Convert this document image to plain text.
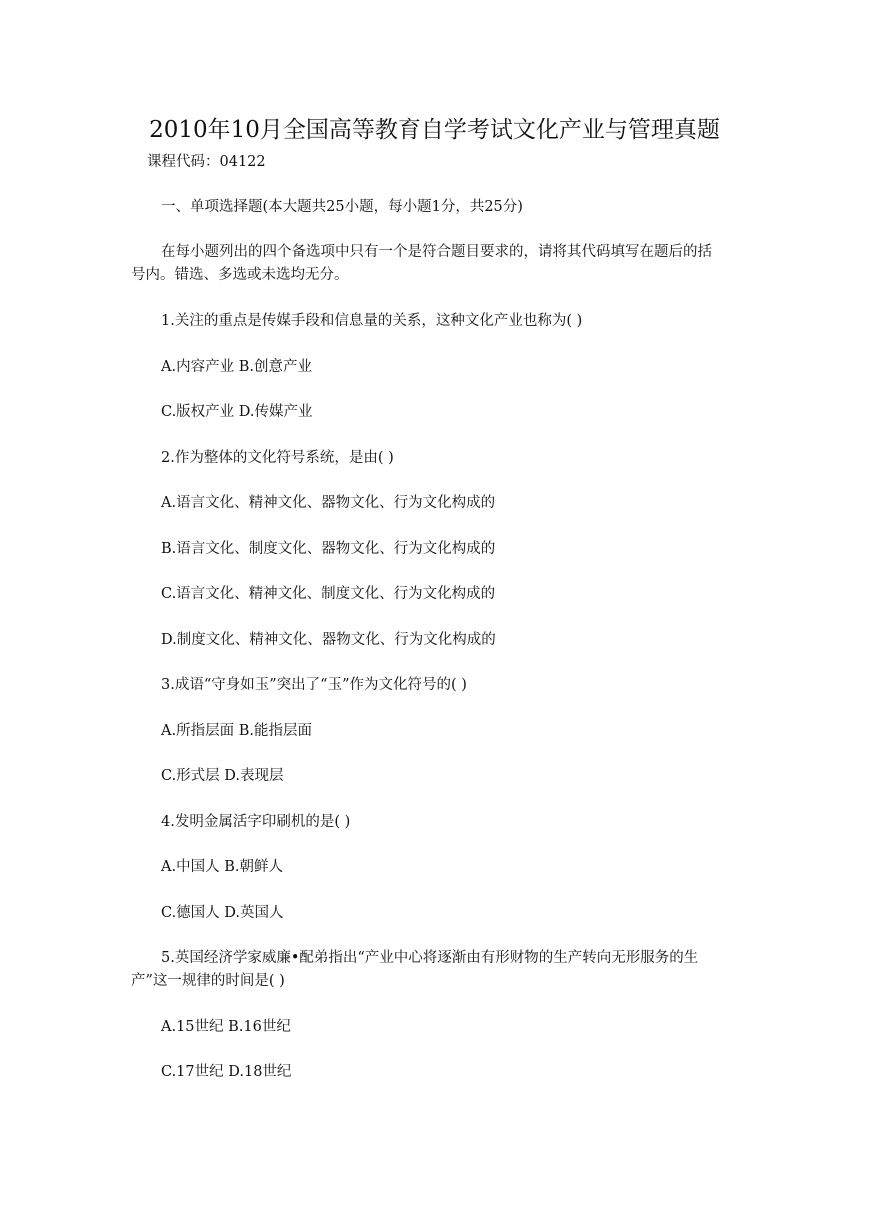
2010年10月全国高等教育自学考试文化产业与管理真题
课程代码：04122
一、单项选择题(本大题共25小题，每小题1分，共25分)
在每小题列出的四个备选项中只有一个是符合题目要求的，请将其代码填写在题后的括
号内。错选、多选或未选均无分。
1.关注的重点是传媒手段和信息量的关系，这种文化产业也称为( )
A.内容产业 B.创意产业
C.版权产业 D.传媒产业
2.作为整体的文化符号系统，是由( )
A.语言文化、精神文化、器物文化、行为文化构成的
B.语言文化、制度文化、器物文化、行为文化构成的
C.语言文化、精神文化、制度文化、行为文化构成的
D.制度文化、精神文化、器物文化、行为文化构成的
3.成语“守身如玉”突出了“玉”作为文化符号的( )
A.所指层面 B.能指层面
C.形式层 D.表现层
4.发明金属活字印刷机的是( )
A.中国人 B.朝鲜人
C.德国人 D.英国人
5.英国经济学家威廉•配弟指出“产业中心将逐渐由有形财物的生产转向无形服务的生
产”这一规律的时间是( )
A.15世纪 B.16世纪
C.17世纪 D.18世纪
